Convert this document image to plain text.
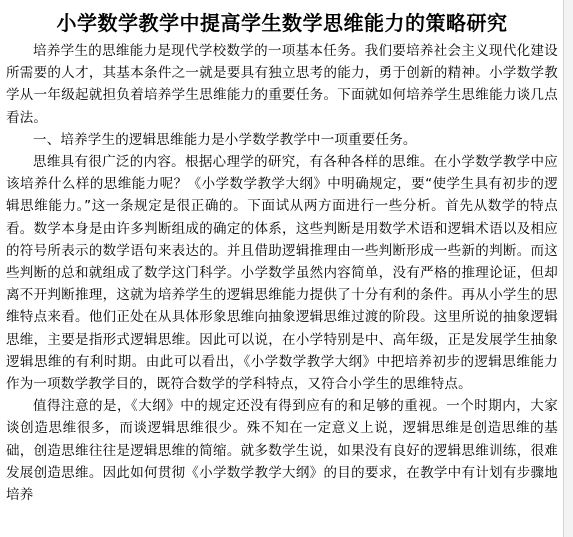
小学数学教学中提高学生数学思维能力的策略研究

培养学生的思维能力是现代学校数学的一项基本任务。我们要培养社会主义现代化建设所需要的人才，其基本条件之一就是要具有独立思考的能力，勇于创新的精神。小学数学教学从一年级起就担负着培养学生思维能力的重要任务。下面就如何培养学生思维能力谈几点看法。

一、培养学生的逻辑思维能力是小学数学教学中一项重要任务。

思维具有很广泛的内容。根据心理学的研究，有各种各样的思维。在小学数学教学中应该培养什么样的思维能力呢？《小学数学教学大纲》中明确规定，要“使学生具有初步的逻辑思维能力。”这一条规定是很正确的。下面试从两方面进行一些分析。首先从数学的特点看。数学本身是由许多判断组成的确定的体系，这些判断是用数学术语和逻辑术语以及相应的符号所表示的数学语句来表达的。并且借助逻辑推理由一些判断形成一些新的判断。而这些判断的总和就组成了数学这门科学。小学数学虽然内容简单，没有严格的推理论证，但却离不开判断推理，这就为培养学生的逻辑思维能力提供了十分有利的条件。再从小学生的思维特点来看。他们正处在从具体形象思维向抽象逻辑思维过渡的阶段。这里所说的抽象逻辑思维，主要是指形式逻辑思维。因此可以说，在小学特别是中、高年级，正是发展学生抽象逻辑思维的有利时期。由此可以看出，《小学数学教学大纲》中把培养初步的逻辑思维能力作为一项数学教学目的，既符合数学的学科特点，又符合小学生的思维特点。

值得注意的是，《大纲》中的规定还没有得到应有的和足够的重视。一个时期内，大家谈创造思维很多，而谈逻辑思维很少。殊不知在一定意义上说，逻辑思维是创造思维的基础，创造思维往往是逻辑思维的简缩。就多数学生说，如果没有良好的逻辑思维训练，很难发展创造思维。因此如何贯彻《小学数学教学大纲》的目的要求，在教学中有计划有步骤地培养
